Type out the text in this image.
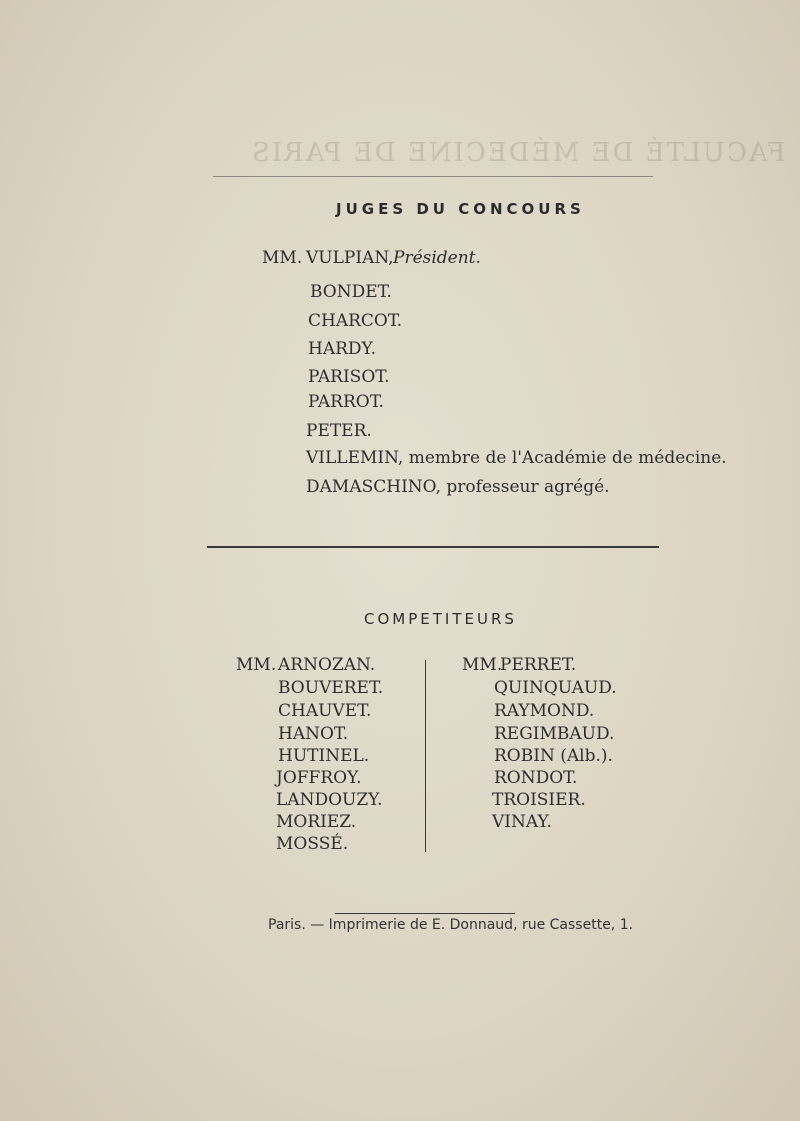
FACULTÉ DE MÉDECINE DE PARIS
JUGES DU CONCOURS
MM. VULPIAN, Président.
BONDET.
CHARCOT.
HARDY.
PARISOT.
PARROT.
PETER.
VILLEMIN, membre de l'Académie de médecine.
DAMASCHINO, professeur agrégé.
COMPETITEURS
MM. ARNOZAN.
BOUVERET.
CHAUVET.
HANOT.
HUTINEL.
JOFFROY.
LANDOUZY.
MORIEZ.
MOSSÉ.
MM.
PERRET.
QUINQUAUD.
RAYMOND.
REGIMBAUD.
ROBIN (Alb.).
RONDOT.
TROISIER.
VINAY.
Paris. — Imprimerie de E. Donnaud, rue Cassette, 1.
